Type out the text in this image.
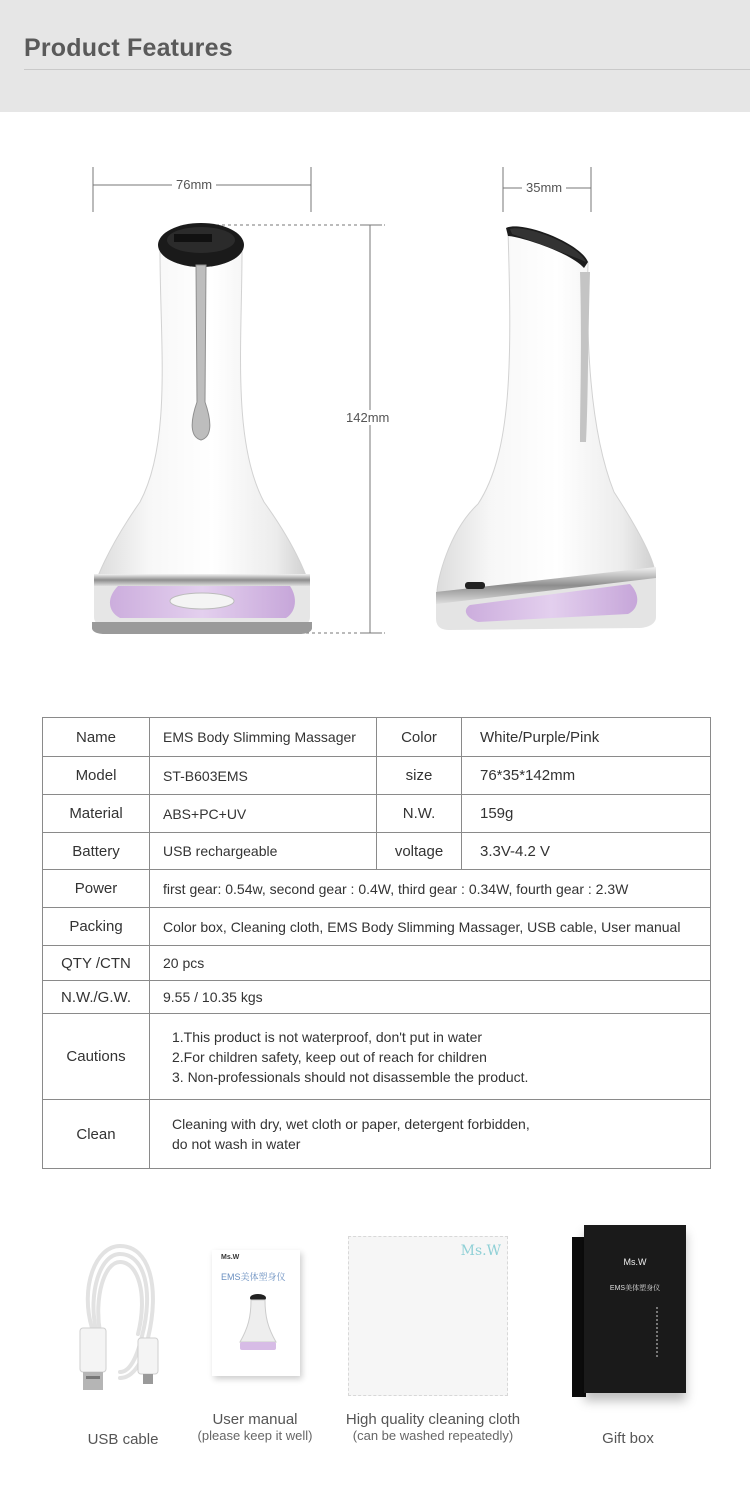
Product Features
76mm	35mm
142mm
Name	EMS Body Slimming Massager	Color	White/Purple/Pink
Model	ST-B603EMS	size	76*35*142mm
Material	ABS+PC+UV	N.W.	159g
Battery	USB rechargeable	voltage	3.3V-4.2 V
Power	first gear: 0.54w, second gear : 0.4W, third gear : 0.34W, fourth gear : 2.3W		
Packing	Color box, Cleaning cloth, EMS Body Slimming Massager, USB cable, User manual		
QTY /CTN	20 pcs		
N.W./G.W.	9.55 / 10.35 kgs		
Cautions	1.This product is not waterproof, don't put in water
2.For children safety, keep out of reach for children
3. Non-professionals should not disassemble the product.		

Clean	Cleaning with dry, wet cloth or paper, detergent forbidden,
do not wash in water		
USB cable
Ms.W
EMS美体塑身仪
User manual
(please keep it well)
Ms.W
High quality cleaning cloth
(can be washed repeatedly)
Ms.W
EMS美体塑身仪
Gift box
